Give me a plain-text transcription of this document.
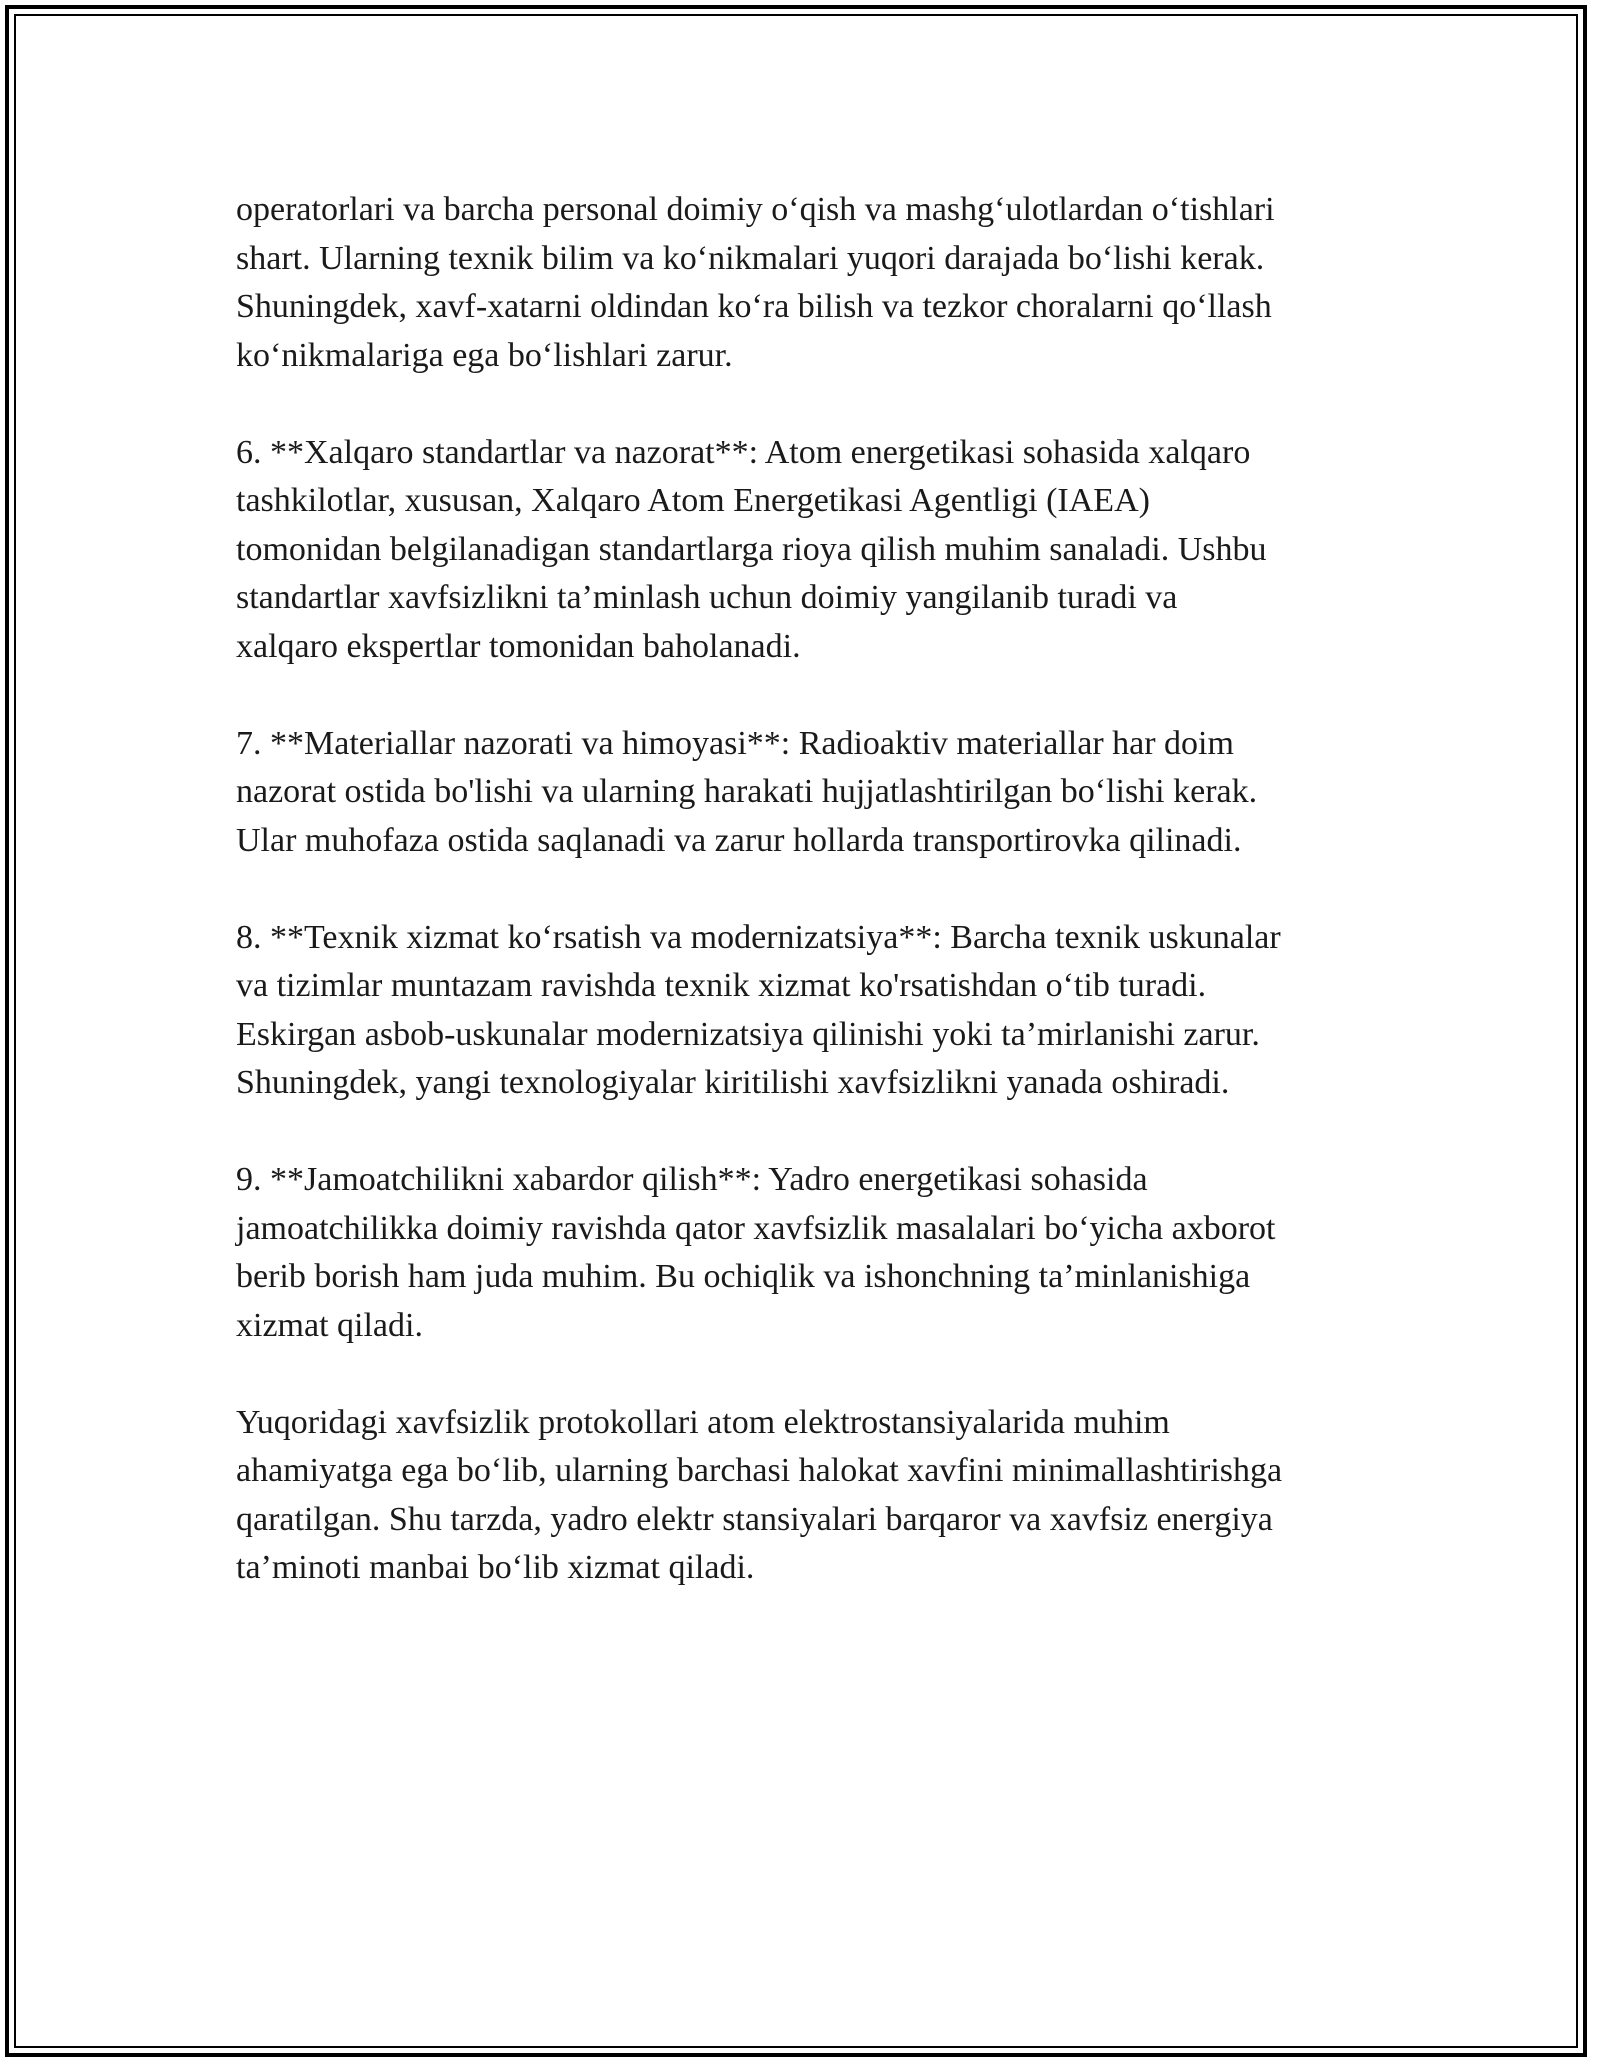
operatorlari va barcha personal doimiy o‘qish va mashg‘ulotlardan o‘tishlari
shart. Ularning texnik bilim va ko‘nikmalari yuqori darajada bo‘lishi kerak.
Shuningdek, xavf-xatarni oldindan ko‘ra bilish va tezkor choralarni qo‘llash
ko‘nikmalariga ega bo‘lishlari zarur.

6. **Xalqaro standartlar va nazorat**: Atom energetikasi sohasida xalqaro
tashkilotlar, xususan, Xalqaro Atom Energetikasi Agentligi (IAEA)
tomonidan belgilanadigan standartlarga rioya qilish muhim sanaladi. Ushbu
standartlar xavfsizlikni ta’minlash uchun doimiy yangilanib turadi va
xalqaro ekspertlar tomonidan baholanadi.

7. **Materiallar nazorati va himoyasi**: Radioaktiv materiallar har doim
nazorat ostida bo'lishi va ularning harakati hujjatlashtirilgan bo‘lishi kerak.
Ular muhofaza ostida saqlanadi va zarur hollarda transportirovka qilinadi.

8. **Texnik xizmat ko‘rsatish va modernizatsiya**: Barcha texnik uskunalar
va tizimlar muntazam ravishda texnik xizmat ko'rsatishdan o‘tib turadi.
Eskirgan asbob-uskunalar modernizatsiya qilinishi yoki ta’mirlanishi zarur.
Shuningdek, yangi texnologiyalar kiritilishi xavfsizlikni yanada oshiradi.

9. **Jamoatchilikni xabardor qilish**: Yadro energetikasi sohasida
jamoatchilikka doimiy ravishda qator xavfsizlik masalalari bo‘yicha axborot
berib borish ham juda muhim. Bu ochiqlik va ishonchning ta’minlanishiga
xizmat qiladi.

Yuqoridagi xavfsizlik protokollari atom elektrostansiyalarida muhim
ahamiyatga ega bo‘lib, ularning barchasi halokat xavfini minimallashtirishga
qaratilgan. Shu tarzda, yadro elektr stansiyalari barqaror va xavfsiz energiya
ta’minoti manbai bo‘lib xizmat qiladi.
